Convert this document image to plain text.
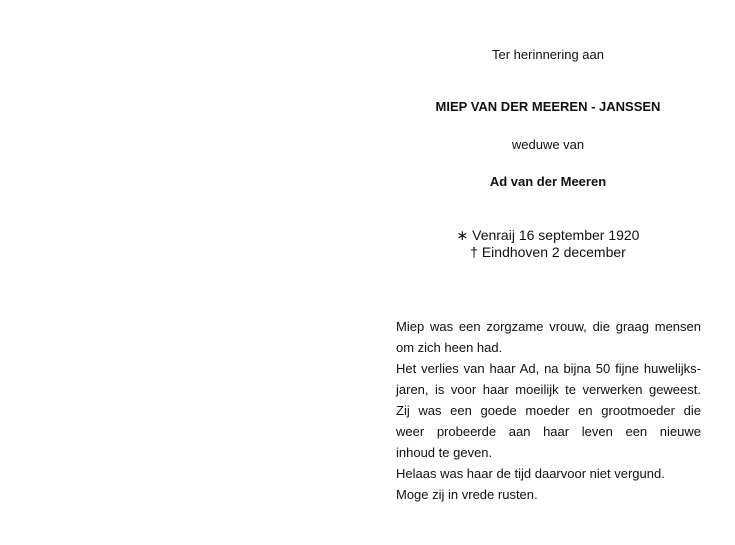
Ter herinnering aan
MIEP VAN DER MEEREN - JANSSEN
weduwe van
Ad van der Meeren
∗ Venraij 16 september 1920
† Eindhoven 2 december
Miep was een zorgzame vrouw, die graag mensen
om zich heen had.
Het verlies van haar Ad, na bijna 50 fijne huwelijks-
jaren, is voor haar moeilijk te verwerken geweest.
Zij was een goede moeder en grootmoeder die
weer probeerde aan haar leven een nieuwe
inhoud te geven.
Helaas was haar de tijd daarvoor niet vergund.
Moge zij in vrede rusten.
